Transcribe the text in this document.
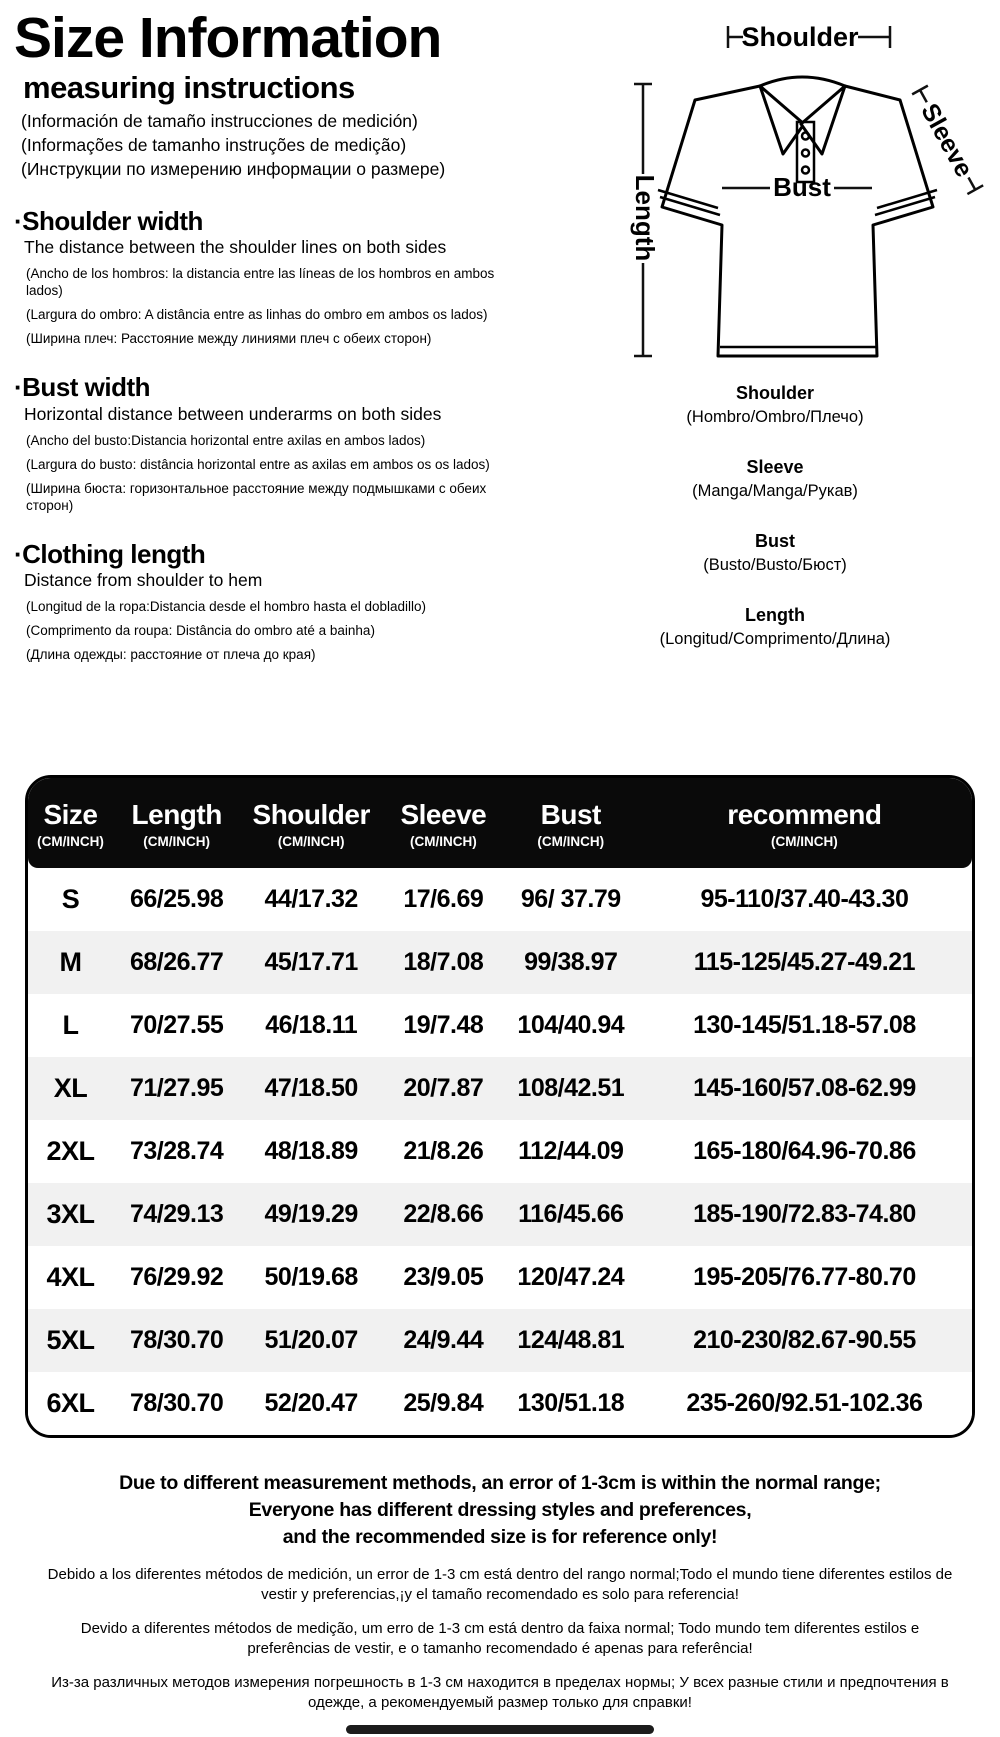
Size Information
measuring instructions
(Información de tamaño instrucciones de medición)
(Informações de tamanho instruções de medição)
(Инструкции по измерению информации о размере)
·Shoulder width
The distance between the shoulder lines on both sides
(Ancho de los hombros: la distancia entre las líneas de los hombros en ambos lados)
(Largura do ombro: A distância entre as linhas do ombro em ambos os lados)
(Ширина плеч: Расстояние между линиями плеч с обеих сторон)
·Bust width
Horizontal distance between underarms on both sides
(Ancho del busto:Distancia horizontal entre axilas en ambos lados)
(Largura do busto: distância horizontal entre as axilas em ambos os os lados)
(Ширина бюста: горизонтальное расстояние между подмышками с обеих сторон)
·Clothing length
Distance from shoulder to hem
(Longitud de la ropa:Distancia desde el hombro hasta el dobladillo)
(Comprimento da roupa: Distância do ombro até a bainha)
(Длина одежды: расстояние от плеча до края)
Shoulder
Length	Bust
Sleeve
Shoulder
(Hombro/Ombro/Плечо)
Sleeve
(Manga/Manga/Рукав)
Bust
(Busto/Busto/Бюст)
Length
(Longitud/Comprimento/Длина)
Size
(CM/INCH)
Length
(CM/INCH)
Shoulder
(CM/INCH)
Sleeve
(CM/INCH)
Bust
(CM/INCH)
recommend
(CM/INCH)
S	66/25.98	44/17.32	17/6.69	96/ 37.79	95-110/37.40-43.30
M	68/26.77	45/17.71	18/7.08	99/38.97	115-125/45.27-49.21
L	70/27.55	46/18.11	19/7.48	104/40.94	130-145/51.18-57.08
XL	71/27.95	47/18.50	20/7.87	108/42.51	145-160/57.08-62.99
2XL	73/28.74	48/18.89	21/8.26	112/44.09	165-180/64.96-70.86
3XL	74/29.13	49/19.29	22/8.66	116/45.66	185-190/72.83-74.80
4XL	76/29.92	50/19.68	23/9.05	120/47.24	195-205/76.77-80.70
5XL	78/30.70	51/20.07	24/9.44	124/48.81	210-230/82.67-90.55
6XL	78/30.70	52/20.47	25/9.84	130/51.18	235-260/92.51-102.36
Due to different measurement methods, an error of 1-3cm is within the normal range;
Everyone has different dressing styles and preferences,
and the recommended size is for reference only!

Debido a los diferentes métodos de medición, un error de 1-3 cm está dentro del rango normal;Todo el mundo tiene diferentes estilos de vestir y preferencias,¡y el tamaño recomendado es solo para referencia!

Devido a diferentes métodos de medição, um erro de 1-3 cm está dentro da faixa normal; Todo mundo tem diferentes estilos e preferências de vestir, e o tamanho recomendado é apenas para referência!

Из-за различных методов измерения погрешность в 1-3 см находится в пределах нормы; У всех разные стили и предпочтения в одежде, а рекомендуемый размер только для справки!
